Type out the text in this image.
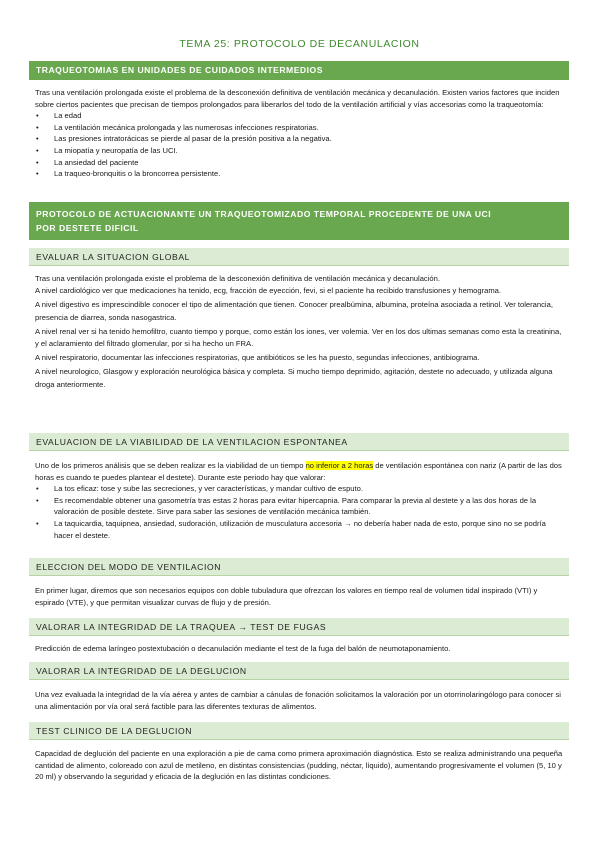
TEMA 25: PROTOCOLO DE DECANULACION
TRAQUEOTOMIAS EN UNIDADES DE CUIDADOS INTERMEDIOS

Tras una ventilación prolongada existe el problema de la desconexión definitiva de ventilación mecánica y decanulación. Existen varios factores que inciden sobre ciertos pacientes que precisan de tiempos prolongados para liberarlos del todo de la ventilación artificial y vías accesorias como la traqueotomía:

• La edad
• La ventilación mecánica prolongada y las numerosas infecciones respiratorias.
• Las presiones intratorácicas se pierde al pasar de la presión positiva a la negativa.
• La miopatía y neuropatía de las UCI.
• La ansiedad del paciente
• La traqueo-bronquitis o la broncorrea persistente.
PROTOCOLO DE ACTUACIONANTE UN TRAQUEOTOMIZADO TEMPORAL PROCEDENTE DE UNA UCI
POR DESTETE DIFICIL
EVALUAR LA SITUACION GLOBAL

Tras una ventilación prolongada existe el problema de la desconexión definitiva de ventilación mecánica y decanulación.

A nivel cardiológico ver que medicaciones ha tenido, ecg, fracción de eyección, fevi, si el paciente ha recibido transfusiones y hemograma.

A nivel digestivo es imprescindible conocer el tipo de alimentación que tienen. Conocer prealbúmina, albumina, proteína asociada a retinol. Ver tolerancia, presencia de diarrea, sonda nasogastrica.

A nivel renal ver si ha tenido hemofiltro, cuanto tiempo y porque, como están los iones, ver volemia. Ver en los dos ultimas semanas como esta la creatinina, y el aclaramiento del filtrado glomerular, por si ha hecho un FRA.

A nivel respiratorio, documentar las infecciones respiratorias, que antibióticos se les ha puesto, segundas infecciones, antibiograma.

A nivel neurologico, Glasgow y exploración neurológica básica y completa. Si mucho tiempo deprimido, agitación, destete no adecuado, y utilizada alguna droga anteriormente.

EVALUACION DE LA VIABILIDAD DE LA VENTILACION ESPONTANEA

Uno de los primeros análisis que se deben realizar es la viabilidad de un tiempo no inferior a 2 horas de ventilación espontánea con nariz (A partir de las dos horas es cuando te puedes plantear el destete). Durante este periodo hay que valorar:

• La tos eficaz: tose y sube las secreciones, y ver características, y mandar cultivo de esputo.
• Es recomendable obtener una gasometría tras estas 2 horas para evitar hipercapnia. Para comparar la previa al destete y a las dos horas de la valoración de posible destete. Sirve para saber las sesiones de ventilación mecánica también.
• La taquicardia, taquipnea, ansiedad, sudoración, utilización de musculatura accesoria → no debería haber nada de esto, porque sino no se podría hacer el destete.
ELECCION DEL MODO DE VENTILACION

En primer lugar, diremos que son necesarios equipos con doble tubuladura que ofrezcan los valores en tiempo real de volumen tidal inspirado (VTI) y espirado (VTE), y que permitan visualizar curvas de flujo y de presión.

VALORAR LA INTEGRIDAD DE LA TRAQUEA → TEST DE FUGAS

Predicción de edema laríngeo postextubación o decanulación mediante el test de la fuga del balón de neumotaponamiento.

VALORAR LA INTEGRIDAD DE LA DEGLUCION

Una vez evaluada la integridad de la vía aérea y antes de cambiar a cánulas de fonación solicitamos la valoración por un otorrinolaringólogo para conocer si una alimentación por vía oral será factible para las diferentes texturas de alimentos.

TEST CLINICO DE LA DEGLUCION

Capacidad de deglución del paciente en una exploración a pie de cama como primera aproximación diagnóstica. Esto se realiza administrando una pequeña cantidad de alimento, coloreado con azul de metileno, en distintas consistencias (pudding, néctar, líquido), aumentando progresivamente el volumen (5, 10 y 20 ml) y observando la seguridad y eficacia de la deglución en las distintas condiciones.
